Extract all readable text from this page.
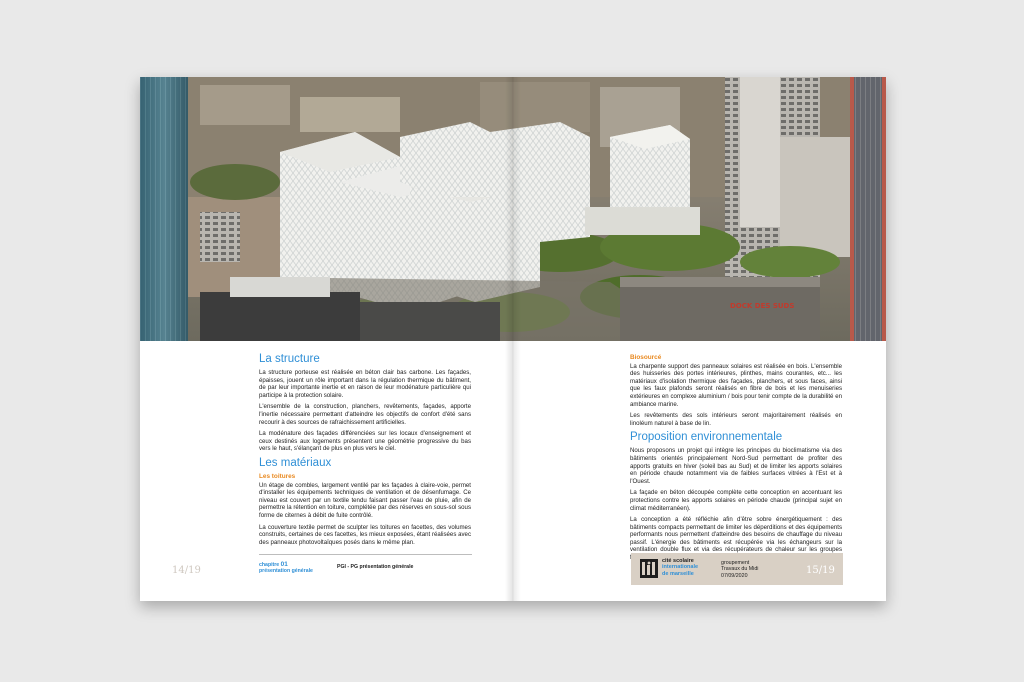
DOCK DES SUDS
La structure

La structure porteuse est réalisée en béton clair bas carbone. Les façades, épaisses, jouent un rôle important dans la régulation thermique du bâtiment, de par leur importante inertie et en raison de leur modénature particulière qui participe à la protection solaire.

L'ensemble de la construction, planchers, revêtements, façades, apporte l'inertie nécessaire permettant d'atteindre les objectifs de confort d'été sans recourir à des sources de rafraichissement artificielles.

La modénature des façades différenciées sur les locaux d'enseignement et ceux destinés aux logements présentent une géométrie progressive du bas vers le haut, s'élançant de plus en plus vers le ciel.

Les matériaux
Les toitures

Un étage de combles, largement ventilé par les façades à claire-voie, permet d'installer les équipements techniques de ventilation et de désenfumage. Ce niveau est couvert par un textile tendu faisant passer l'eau de pluie, afin de permettre la rétention en toiture, complétée par des réserves en sous-sol sous forme de citernes à débit de fuite contrôlé.

La couverture textile permet de sculpter les toitures en facettes, des volumes construits, certaines de ces facettes, les mieux exposées, étant réalisées avec des panneaux photovoltaïques posés dans le même plan.

14/19	chapitre 01
présentation générale
PGI - PG présentation générale
Biosourcé

La charpente support des panneaux solaires est réalisée en bois. L'ensemble des huisseries des portes intérieures, plinthes, mains courantes, etc... les matériaux d'isolation thermique des façades, planchers, et sous faces, ainsi que les faux plafonds seront réalisés en fibre de bois et les menuiseries extérieures en complexe aluminium / bois pour tenir compte de la durabilité en ambiance marine.

Les revêtements des sols intérieurs seront majoritairement réalisés en linoléum naturel à base de lin.

Proposition environnementale

Nous proposons un projet qui intègre les principes du bioclimatisme via des bâtiments orientés principalement Nord-Sud permettant de profiter des apports gratuits en hiver (soleil bas au Sud) et de limiter les apports solaires en période chaude notamment via de faibles surfaces vitrées à l'Est et à l'Ouest.

La façade en béton découpée complète cette conception en accentuant les protections contre les apports solaires en période chaude (principal sujet en climat méditerranéen).

La conception a été réfléchie afin d'être sobre énergétiquement : des bâtiments compacts permettant de limiter les déperditions et des équipements performants nous permettent d'atteindre des besoins de chauffage du niveau passif. L'énergie des bâtiments est récupérée via les échangeurs sur la ventilation double flux et via des récupérateurs de chaleur sur les groupes

cité scolaire
internationale
de marseille
groupement
Travaux du Midi
07/09/2020	15/19
